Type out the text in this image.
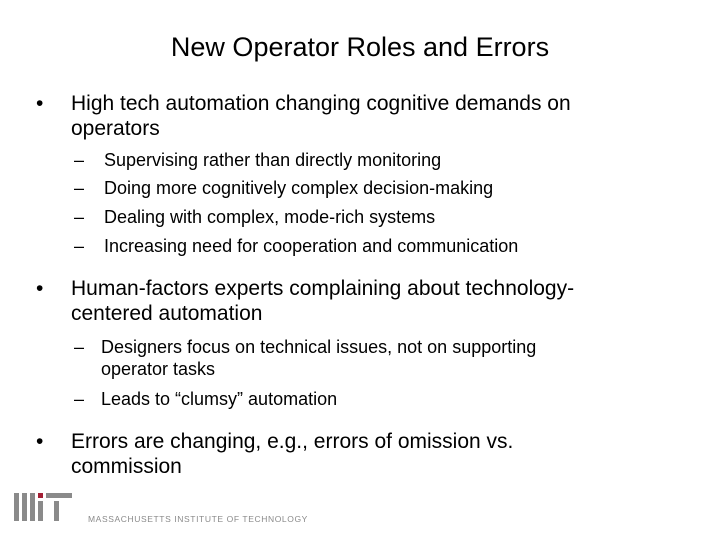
New Operator Roles and Errors
•	High tech automation changing cognitive demands on
operators
–	Supervising rather than directly monitoring
–	Doing more cognitively complex decision-making
–	Dealing with complex, mode-rich systems
–	Increasing need for cooperation and communication
•	Human-factors experts complaining about technology-
centered automation
– Designers focus on technical issues, not on supporting
operator tasks
– Leads to “clumsy” automation
•	Errors are changing, e.g., errors of omission vs.
commission
MASSACHUSETTS INSTITUTE OF TECHNOLOGY
